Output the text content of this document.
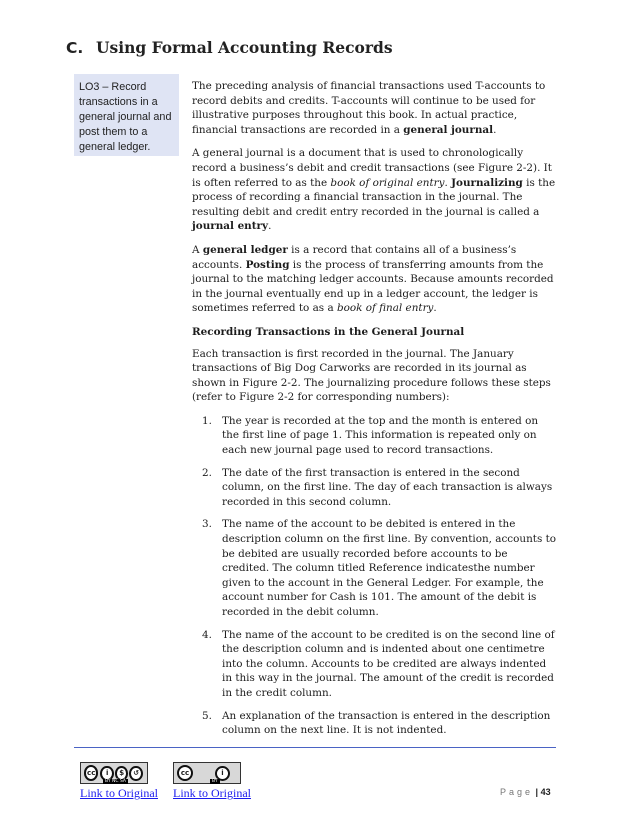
C. Using Formal Accounting Records
LO3 – Record transactions in a general journal and post them to a general ledger.

The preceding analysis of financial transactions used T-accounts to record debits and credits. T-accounts will continue to be used for illustrative purposes throughout this book. In actual practice, financial transactions are recorded in a general journal.

A general journal is a document that is used to chronologically record a business’s debit and credit transactions (see Figure 2-2). It is often referred to as the book of original entry. Journalizing is the process of recording a financial transaction in the journal. The resulting debit and credit entry recorded in the journal is called a journal entry.

A general ledger is a record that contains all of a business’s accounts. Posting is the process of transferring amounts from the journal to the matching ledger accounts. Because amounts recorded in the journal eventually end up in a ledger account, the ledger is sometimes referred to as a book of final entry.

Recording Transactions in the General Journal

Each transaction is first recorded in the journal. The January transactions of Big Dog Carworks are recorded in its journal as shown in Figure 2-2. The journalizing procedure follows these steps (refer to Figure 2-2 for corresponding numbers):

1. The year is recorded at the top and the month is entered on the first line of page 1. This information is repeated only on each new journal page used to record transactions.
2. The date of the first transaction is entered in the second column, on the first line. The day of each transaction is always recorded in this second column.
3. The name of the account to be debited is entered in the description column on the first line. By convention, accounts to be debited are usually recorded before accounts to be credited. The column titled Reference indicatesthe number given to the account in the General Ledger. For example, the account number for Cash is 101. The amount of the debit is recorded in the debit column.
4. The name of the account to be credited is on the second line of the description column and is indented about one centimetre into the column. Accounts to be credited are always indented in this way in the journal. The amount of the credit is recorded in the credit column.
5. An explanation of the transaction is entered in the description column on the next line. It is not indented.
cc	i	$	↺
BY NC SA
cc	i
BY
Link to Original Link to Original	Page | 43
